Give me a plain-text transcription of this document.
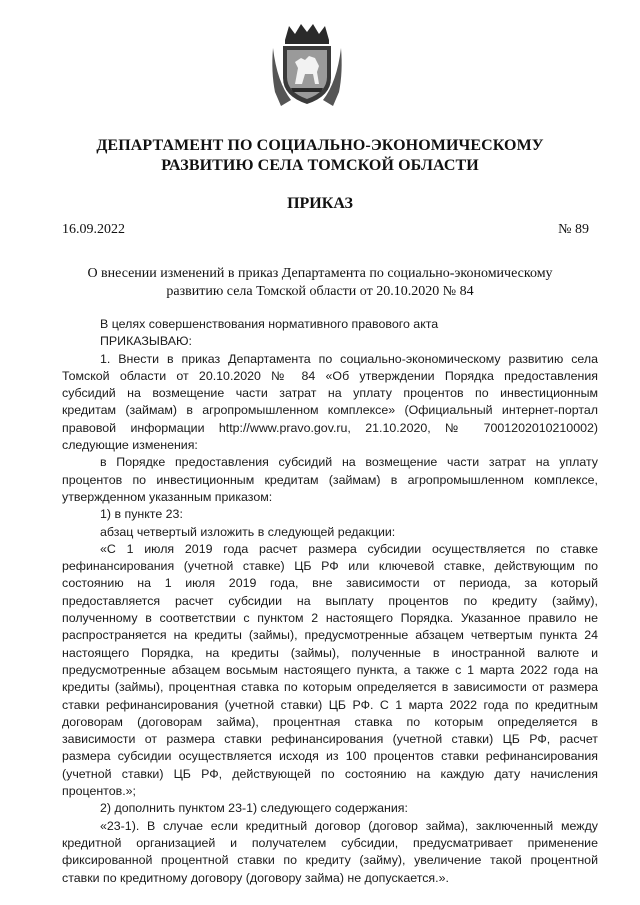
ДЕПАРТАМЕНТ ПО СОЦИАЛЬНО-ЭКОНОМИЧЕСКОМУ
РАЗВИТИЮ СЕЛА ТОМСКОЙ ОБЛАСТИ
ПРИКАЗ
16.09.2022	№ 89
О внесении изменений в приказ Департамента по социально-экономическому
развитию села Томской области от 20.10.2020 № 84
В целях совершенствования нормативного правового акта
ПРИКАЗЫВАЮ:
1. Внести в приказ Департамента по социально-экономическому развитию села
Томской области от 20.10.2020 № 84 «Об утверждении Порядка предоставления
субсидий на возмещение части затрат на уплату процентов по инвестиционным
кредитам (займам) в агропромышленном комплексе» (Официальный интернет-портал
правовой информации http://www.pravo.gov.ru, 21.10.2020, № 7001202010210002)
следующие изменения:
в Порядке предоставления субсидий на возмещение части затрат на уплату
процентов по инвестиционным кредитам (займам) в агропромышленном комплексе,
утвержденном указанным приказом:
1) в пункте 23:
абзац четвертый изложить в следующей редакции:
«С 1 июля 2019 года расчет размера субсидии осуществляется по ставке
рефинансирования (учетной ставке) ЦБ РФ или ключевой ставке, действующим по
состоянию на 1 июля 2019 года, вне зависимости от периода, за который
предоставляется расчет субсидии на выплату процентов по кредиту (займу),
полученному в соответствии с пунктом 2 настоящего Порядка. Указанное правило не
распространяется на кредиты (займы), предусмотренные абзацем четвертым пункта 24
настоящего Порядка, на кредиты (займы), полученные в иностранной валюте и
предусмотренные абзацем восьмым настоящего пункта, а также с 1 марта 2022 года на
кредиты (займы), процентная ставка по которым определяется в зависимости от размера
ставки рефинансирования (учетной ставки) ЦБ РФ. С 1 марта 2022 года по кредитным
договорам (договорам займа), процентная ставка по которым определяется в
зависимости от размера ставки рефинансирования (учетной ставки) ЦБ РФ, расчет
размера субсидии осуществляется исходя из 100 процентов ставки рефинансирования
(учетной ставки) ЦБ РФ, действующей по состоянию на каждую дату начисления
процентов.»;
2) дополнить пунктом 23-1) следующего содержания:
«23-1). В случае если кредитный договор (договор займа), заключенный между
кредитной организацией и получателем субсидии, предусматривает применение
фиксированной процентной ставки по кредиту (займу), увеличение такой процентной
ставки по кредитному договору (договору займа) не допускается.».
